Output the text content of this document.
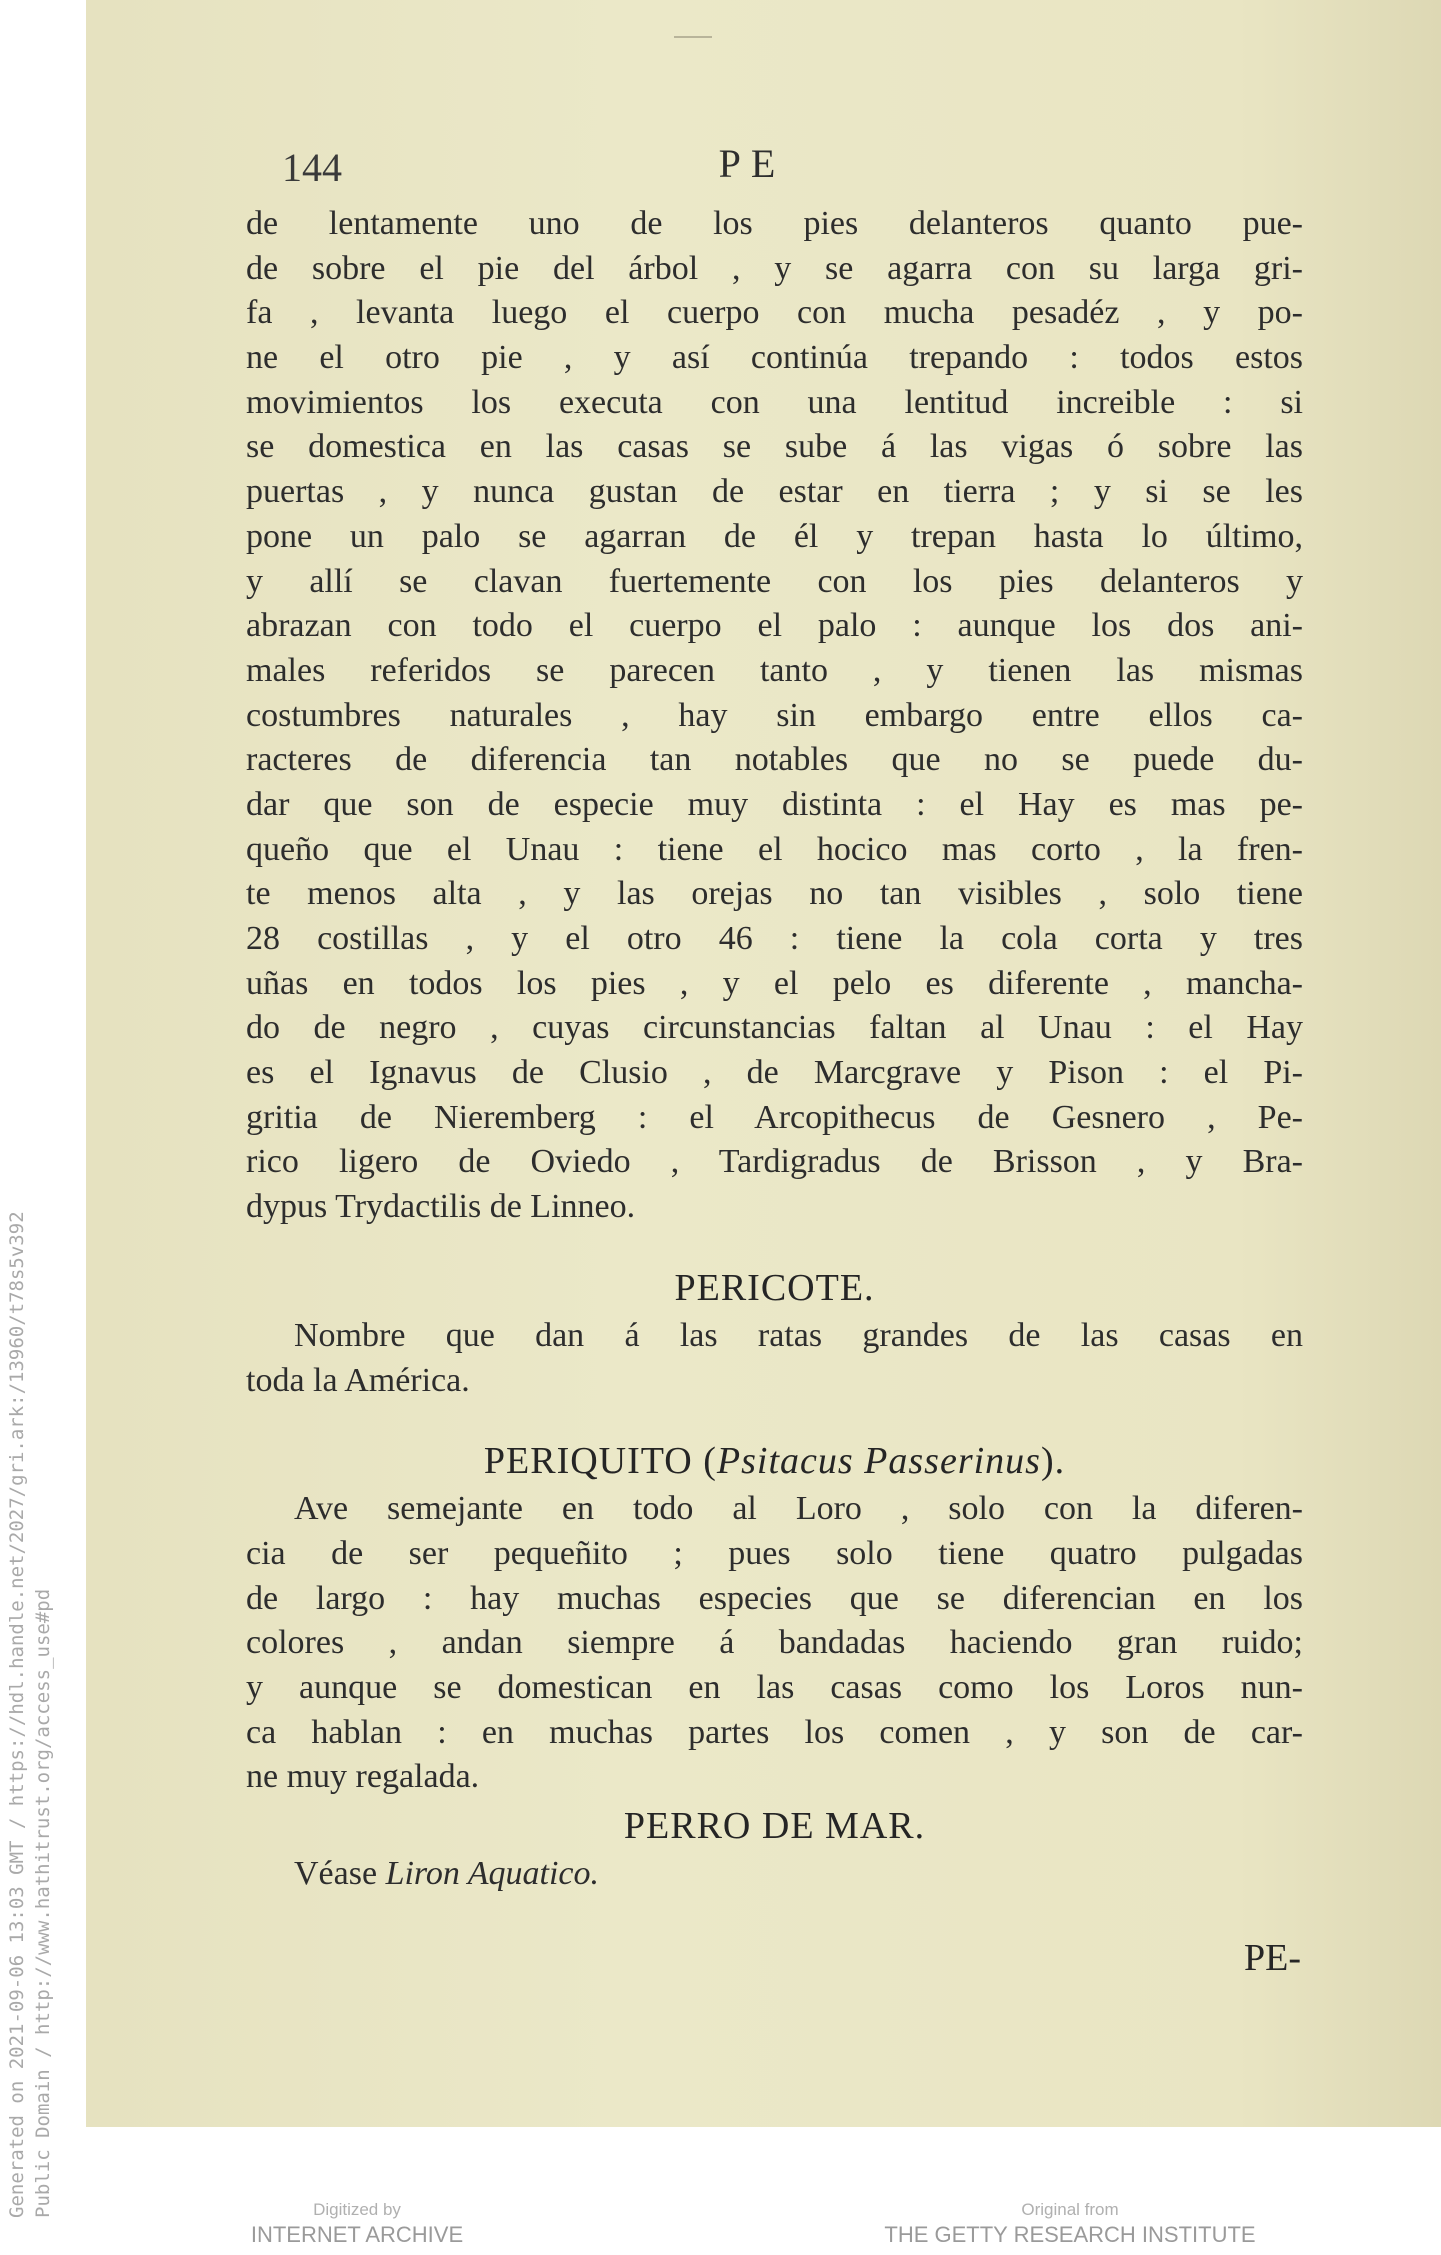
Generated on 2021-09-06 13:03 GMT / https://hdl.handle.net/2027/gri.ark:/13960/t78s5v392 Public Domain / http://www.hathitrust.org/access_use#pd
144	PE
de lentamente uno de los pies delanteros quanto pue-
de sobre el pie del árbol , y se agarra con su larga gri-
fa , levanta luego el cuerpo con mucha pesadéz , y po-
ne el otro pie , y así continúa trepando : todos estos
movimientos los executa con una lentitud increible : si
se domestica en las casas se sube á las vigas ó sobre las
puertas , y nunca gustan de estar en tierra ; y si se les
pone un palo se agarran de él y trepan hasta lo último,
y allí se clavan fuertemente con los pies delanteros y
abrazan con todo el cuerpo el palo : aunque los dos ani-
males referidos se parecen tanto , y tienen las mismas
costumbres naturales , hay sin embargo entre ellos ca-
racteres de diferencia tan notables que no se puede du-
dar que son de especie muy distinta : el Hay es mas pe-
queño que el Unau : tiene el hocico mas corto , la fren-
te menos alta , y las orejas no tan visibles , solo tiene
28 costillas , y el otro 46 : tiene la cola corta y tres
uñas en todos los pies , y el pelo es diferente , mancha-
do de negro , cuyas circunstancias faltan al Unau : el Hay
es el Ignavus de Clusio , de Marcgrave y Pison : el Pi-
gritia de Nieremberg : el Arcopithecus de Gesnero , Pe-
rico ligero de Oviedo , Tardigradus de Brisson , y Bra-
dypus Trydactilis de Linneo.
PERICOTE.
Nombre que dan á las ratas grandes de las casas en
toda la América.
PERIQUITO (Psitacus Passerinus).
Ave semejante en todo al Loro , solo con la diferen-
cia de ser pequeñito ; pues solo tiene quatro pulgadas
de largo : hay muchas especies que se diferencian en los
colores , andan siempre á bandadas haciendo gran ruido;
y aunque se domestican en las casas como los Loros nun-
ca hablan : en muchas partes los comen , y son de car-
ne muy regalada.
PERRO DE MAR.
Véase Liron Aquatico.
PE-
Digitized by
INTERNET ARCHIVE
Original from
THE GETTY RESEARCH INSTITUTE
